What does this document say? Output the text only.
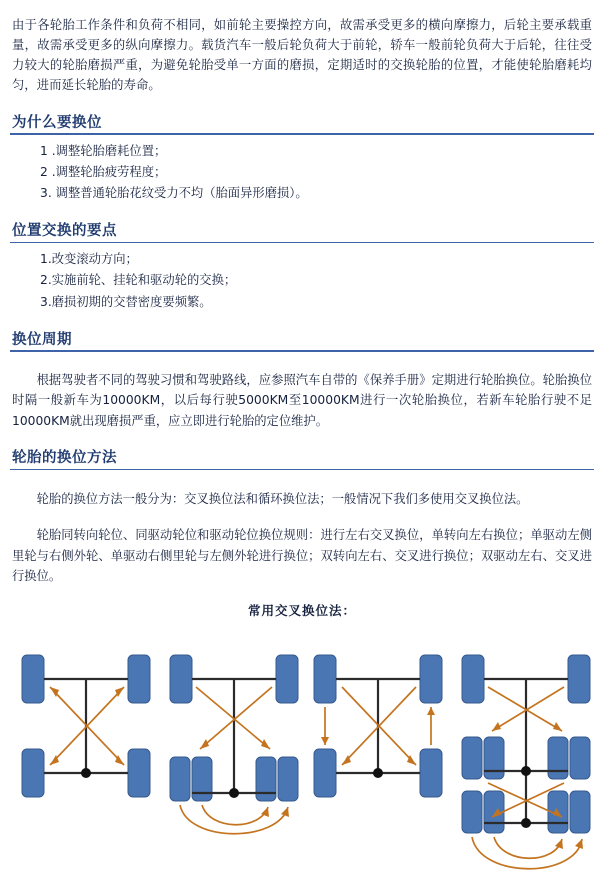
由于各轮胎工作条件和负荷不相同，如前轮主要操控方向，故需承受更多的横向摩擦力，后轮主要承载重量，故需承受更多的纵向摩擦力。载货汽车一般后轮负荷大于前轮，轿车一般前轮负荷大于后轮，往往受力较大的轮胎磨损严重，为避免轮胎受单一方面的磨损，定期适时的交换轮胎的位置，才能使轮胎磨耗均匀，进而延长轮胎的寿命。

为什么要换位
1 .调整轮胎磨耗位置；
2 .调整轮胎疲劳程度；
3. 调整普通轮胎花纹受力不均（胎面异形磨损）。
位置交换的要点
1.改变滚动方向；
2.实施前轮、挂轮和驱动轮的交换；
3.磨损初期的交替密度要频繁。
换位周期

根据驾驶者不同的驾驶习惯和驾驶路线，应参照汽车自带的《保养手册》定期进行轮胎换位。轮胎换位时隔一般新车为10000KM，以后每行驶5000KM至10000KM进行一次轮胎换位，若新车轮胎行驶不足10000KM就出现磨损严重，应立即进行轮胎的定位维护。

轮胎的换位方法

轮胎的换位方法一般分为：交叉换位法和循环换位法；一般情况下我们多使用交叉换位法。

轮胎同转向轮位、同驱动轮位和驱动轮位换位规则：进行左右交叉换位，单转向左右换位；单驱动左侧里轮与右侧外轮、单驱动右侧里轮与左侧外轮进行换位；双转向左右、交叉进行换位；双驱动左右、交叉进行换位。

常用交叉换位法：
